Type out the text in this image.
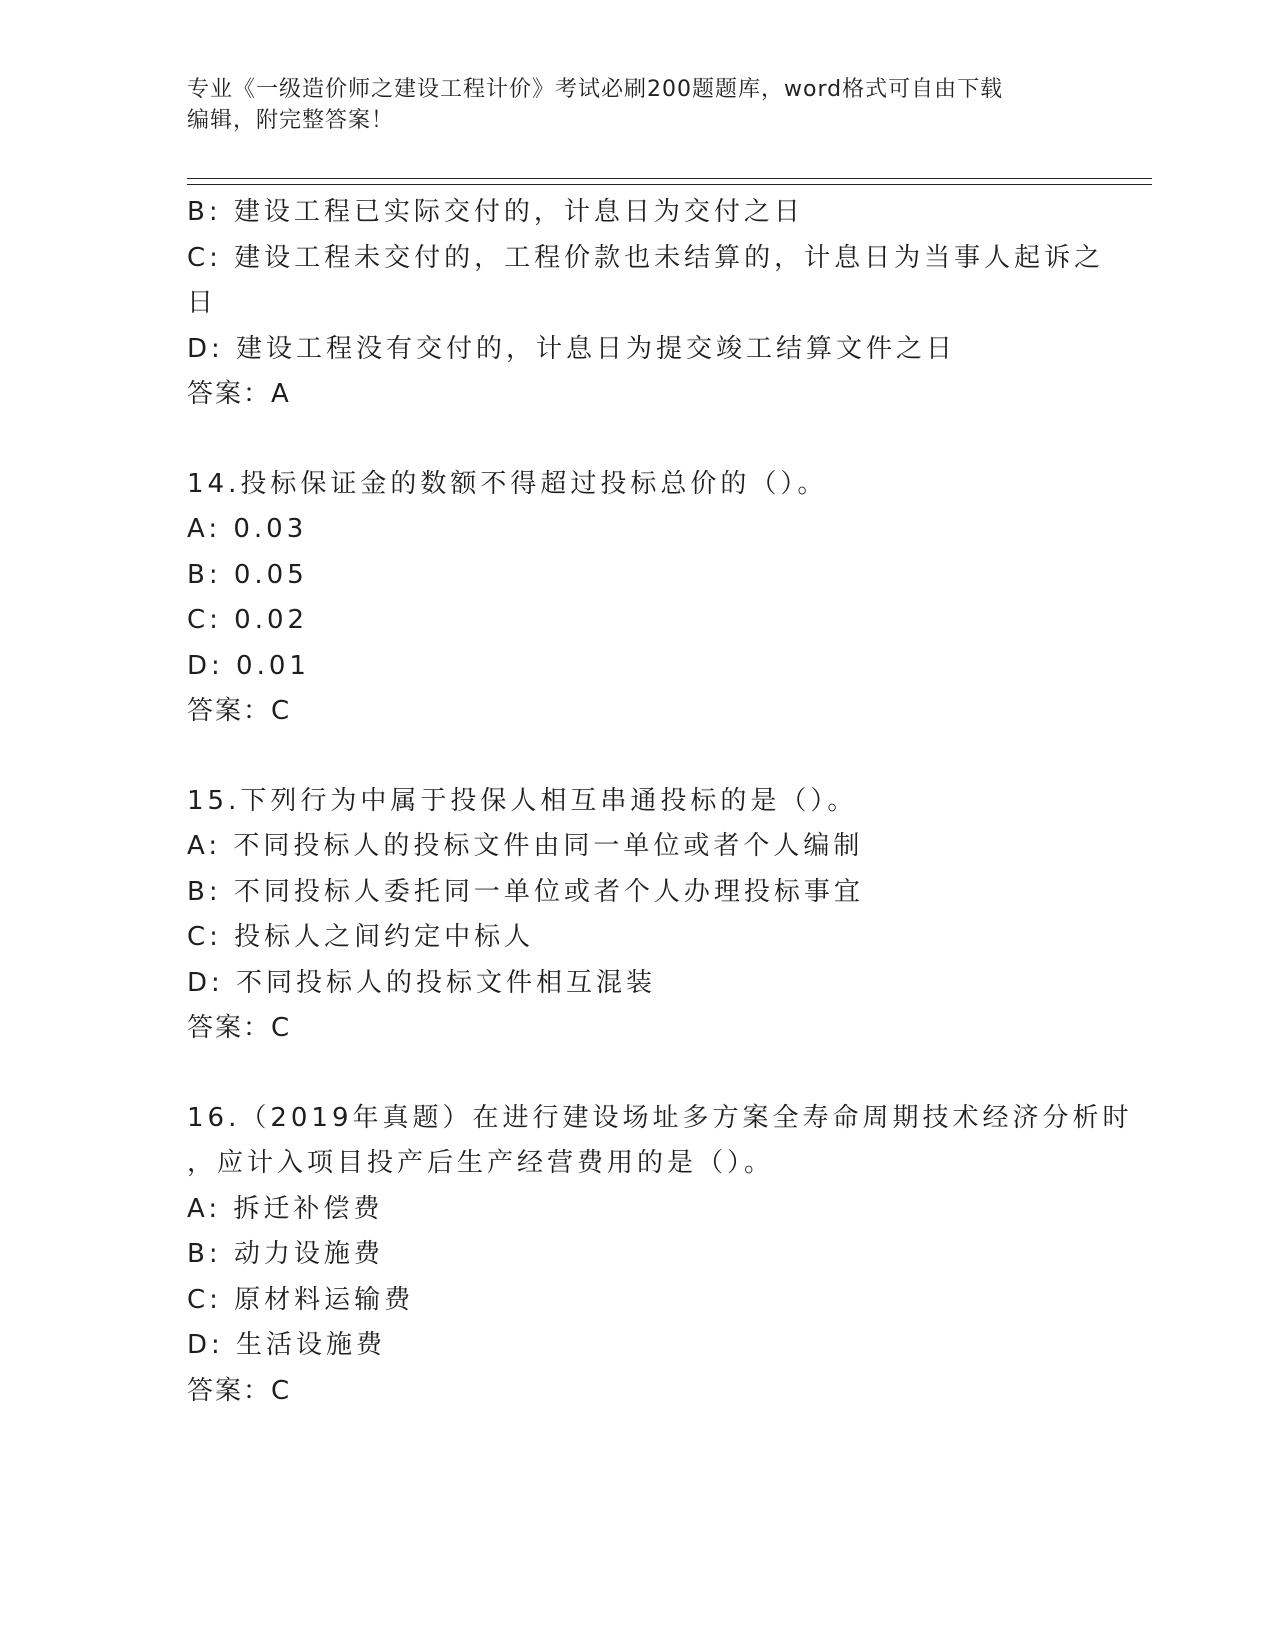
专业《一级造价师之建设工程计价》考试必刷200题题库，word格式可自由下载
编辑，附完整答案！
B: 建设工程已实际交付的，计息日为交付之日
C: 建设工程未交付的，工程价款也未结算的，计息日为当事人起诉之
日
D: 建设工程没有交付的，计息日为提交竣工结算文件之日
答案：A
14.投标保证金的数额不得超过投标总价的（）。
A: 0.03
B: 0.05
C: 0.02
D: 0.01
答案：C
15.下列行为中属于投保人相互串通投标的是（）。
A: 不同投标人的投标文件由同一单位或者个人编制
B: 不同投标人委托同一单位或者个人办理投标事宜
C: 投标人之间约定中标人
D: 不同投标人的投标文件相互混装
答案：C
16.（2019年真题）在进行建设场址多方案全寿命周期技术经济分析时
，应计入项目投产后生产经营费用的是（）。
A: 拆迁补偿费
B: 动力设施费
C: 原材料运输费
D: 生活设施费
答案：C
